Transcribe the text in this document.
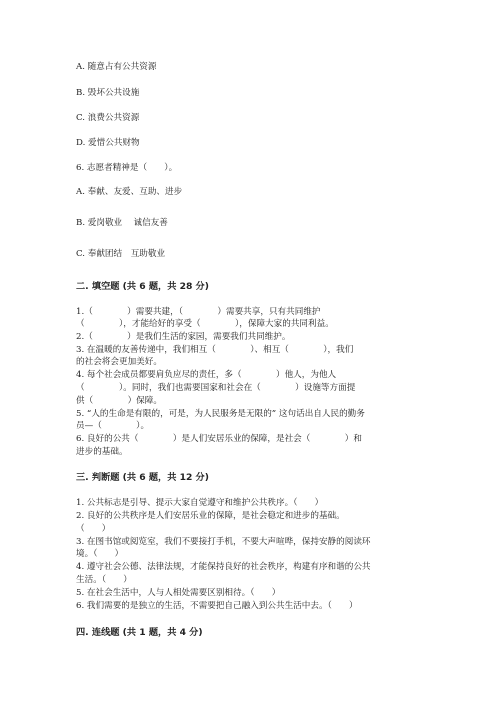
A. 随意占有公共资源
B. 毁坏公共设施
C. 浪费公共资源
D. 爱惜公共财物
6. 志愿者精神是（　　）。
A. 奉献、友爱、互助、进步
B. 爱岗敬业　 诚信友善
C. 奉献团结　互助敬业
二. 填空题 (共 6 题，共 28 分)
1.（　　　　）需要共建，（　　　　）需要共享，只有共同维护
（　　　　），才能给好的享受（　　　　），保障大家的共同利益。
2.（　　　　）是我们生活的家园，需要我们共同维护。
3. 在温暖的友善传递中，我们相互（　　　　）、相互（　　　　），我们
的社会将会更加美好。
4. 每个社会成员都要肩负应尽的责任，多（　　　　）他人，为他人
（　　　　）。同时，我们也需要国家和社会在（　　　　）设施等方面提
供（　　　　）保障。
5. “人的生命是有限的，可是，为人民服务是无限的” 这句话出自人民的勤务
员—（　　　　）。
6. 良好的公共（　　　　）是人们安居乐业的保障，是社会（　　　　）和
进步的基础。
三. 判断题 (共 6 题，共 12 分)
1. 公共标志是引导、提示大家自觉遵守和维护公共秩序。（　　）
2. 良好的公共秩序是人们安居乐业的保障，是社会稳定和进步的基础。
（　　）
3. 在图书馆或阅览室，我们不要接打手机，不要大声喧哗，保持安静的阅读环
境。（　　）
4. 遵守社会公德、法律法规，才能保持良好的社会秩序，构建有序和谐的公共
生活。（　　）
5. 在社会生活中，人与人相处需要区别相待。（　　）
6. 我们需要的是独立的生活，不需要把自己融入到公共生活中去。（　　）
四. 连线题 (共 1 题，共 4 分)
